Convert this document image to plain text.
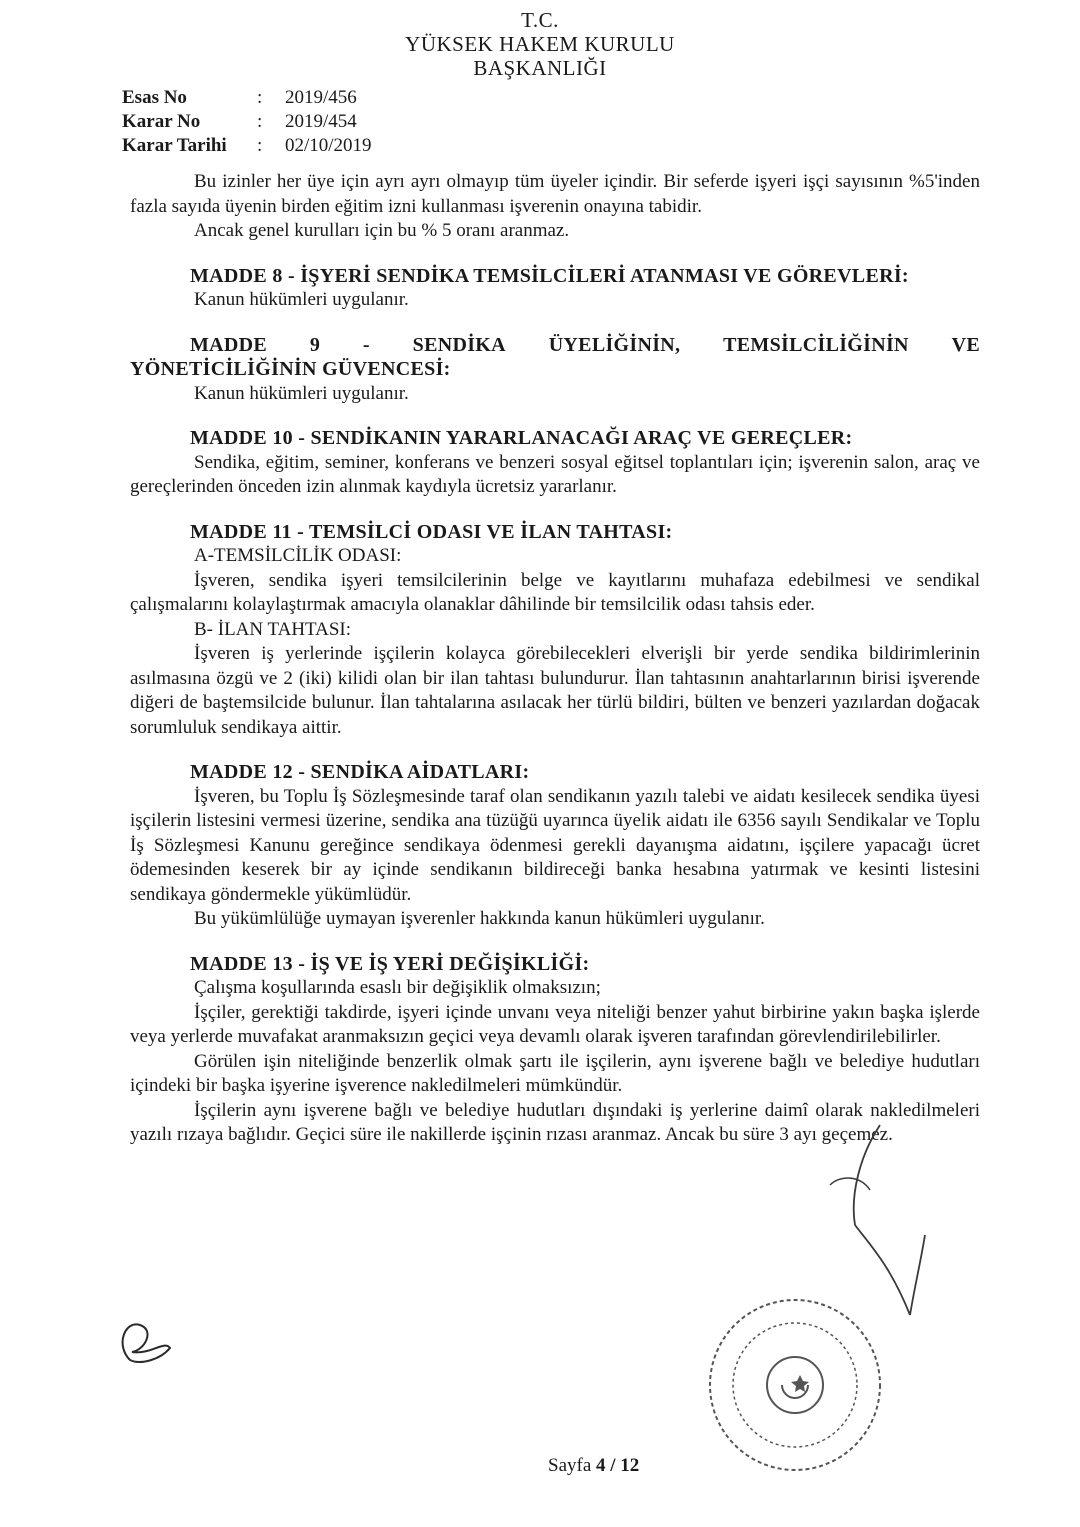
T.C.
YÜKSEK HAKEM KURULU
BAŞKANLIĞI
Esas No	:	2019/456
Karar No	:	2019/454
Karar Tarihi	:	02/10/2019

Bu izinler her üye için ayrı ayrı olmayıp tüm üyeler içindir. Bir seferde işyeri işçi sayısının %5'inden fazla sayıda üyenin birden eğitim izni kullanması işverenin onayına tabidir.

Ancak genel kurulları için bu % 5 oranı aranmaz.

MADDE 8 - İŞYERİ SENDİKA TEMSİLCİLERİ ATANMASI VE GÖREVLERİ:

Kanun hükümleri uygulanır.

MADDE 9 - SENDİKA ÜYELİĞİNİN, TEMSİLCİLİĞİNİN VE
YÖNETİCİLİĞİNİN GÜVENCESİ:

Kanun hükümleri uygulanır.

MADDE 10 - SENDİKANIN YARARLANACAĞI ARAÇ VE GEREÇLER:

Sendika, eğitim, seminer, konferans ve benzeri sosyal eğitsel toplantıları için; işverenin salon, araç ve gereçlerinden önceden izin alınmak kaydıyla ücretsiz yararlanır.

MADDE 11 - TEMSİLCİ ODASI VE İLAN TAHTASI:
A-TEMSİLCİLİK ODASI:

İşveren, sendika işyeri temsilcilerinin belge ve kayıtlarını muhafaza edebilmesi ve sendikal çalışmalarını kolaylaştırmak amacıyla olanaklar dâhilinde bir temsilcilik odası tahsis eder.

B- İLAN TAHTASI:

İşveren iş yerlerinde işçilerin kolayca görebilecekleri elverişli bir yerde sendika bildirimlerinin asılmasına özgü ve 2 (iki) kilidi olan bir ilan tahtası bulundurur. İlan tahtasının anahtarlarının birisi işverende diğeri de baştemsilcide bulunur. İlan tahtalarına asılacak her türlü bildiri, bülten ve benzeri yazılardan doğacak sorumluluk sendikaya aittir.

MADDE 12 - SENDİKA AİDATLARI:

İşveren, bu Toplu İş Sözleşmesinde taraf olan sendikanın yazılı talebi ve aidatı kesilecek sendika üyesi işçilerin listesini vermesi üzerine, sendika ana tüzüğü uyarınca üyelik aidatı ile 6356 sayılı Sendikalar ve Toplu İş Sözleşmesi Kanunu gereğince sendikaya ödenmesi gerekli dayanışma aidatını, işçilere yapacağı ücret ödemesinden keserek bir ay içinde sendikanın bildireceği banka hesabına yatırmak ve kesinti listesini sendikaya göndermekle yükümlüdür.

Bu yükümlülüğe uymayan işverenler hakkında kanun hükümleri uygulanır.

MADDE 13 - İŞ VE İŞ YERİ DEĞİŞİKLİĞİ:

Çalışma koşullarında esaslı bir değişiklik olmaksızın;

İşçiler, gerektiği takdirde, işyeri içinde unvanı veya niteliği benzer yahut birbirine yakın başka işlerde veya yerlerde muvafakat aranmaksızın geçici veya devamlı olarak işveren tarafından görevlendirilebilirler.

Görülen işin niteliğinde benzerlik olmak şartı ile işçilerin, aynı işverene bağlı ve belediye hudutları içindeki bir başka işyerine işverence nakledilmeleri mümkündür.

İşçilerin aynı işverene bağlı ve belediye hudutları dışındaki iş yerlerine daimî olarak nakledilmeleri yazılı rızaya bağlıdır. Geçici süre ile nakillerde işçinin rızası aranmaz. Ancak bu süre 3 ayı geçemez.

Sayfa 4 / 12
